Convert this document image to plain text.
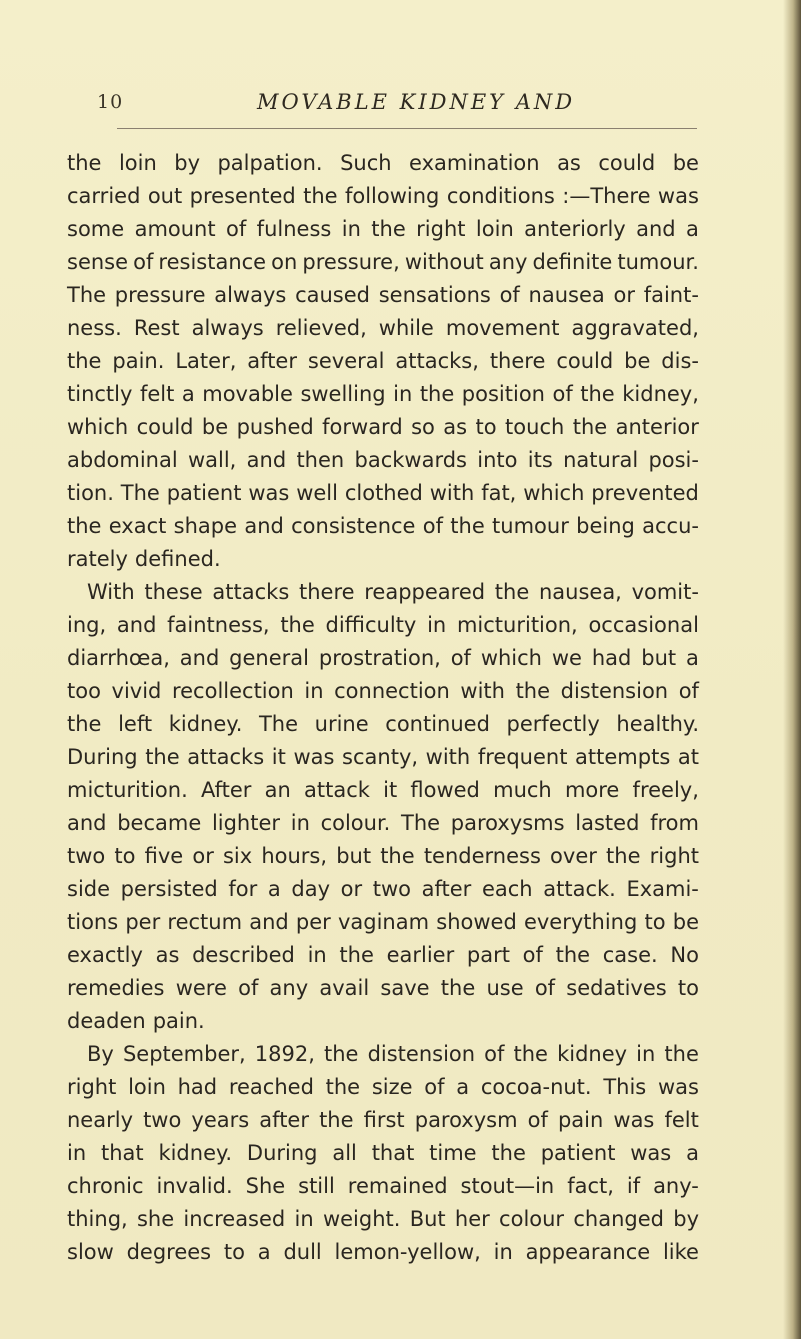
10	MOVABLE KIDNEY AND
the loin by palpation. Such examination as could be
carried out presented the following conditions :—There was
some amount of fulness in the right loin anteriorly and a
sense of resistance on pressure, without any definite tumour.
The pressure always caused sensations of nausea or faint-
ness. Rest always relieved, while movement aggravated,
the pain. Later, after several attacks, there could be dis-
tinctly felt a movable swelling in the position of the kidney,
which could be pushed forward so as to touch the anterior
abdominal wall, and then backwards into its natural posi-
tion. The patient was well clothed with fat, which prevented
the exact shape and consistence of the tumour being accu-
rately defined.
With these attacks there reappeared the nausea, vomit-
ing, and faintness, the difficulty in micturition, occasional
diarrhœa, and general prostration, of which we had but a
too vivid recollection in connection with the distension of
the left kidney. The urine continued perfectly healthy.
During the attacks it was scanty, with frequent attempts at
micturition. After an attack it flowed much more freely,
and became lighter in colour. The paroxysms lasted from
two to five or six hours, but the tenderness over the right
side persisted for a day or two after each attack. Exami-
tions per rectum and per vaginam showed everything to be
exactly as described in the earlier part of the case. No
remedies were of any avail save the use of sedatives to
deaden pain.
By September, 1892, the distension of the kidney in the
right loin had reached the size of a cocoa-nut. This was
nearly two years after the first paroxysm of pain was felt
in that kidney. During all that time the patient was a
chronic invalid. She still remained stout—in fact, if any-
thing, she increased in weight. But her colour changed by
slow degrees to a dull lemon-yellow, in appearance like
